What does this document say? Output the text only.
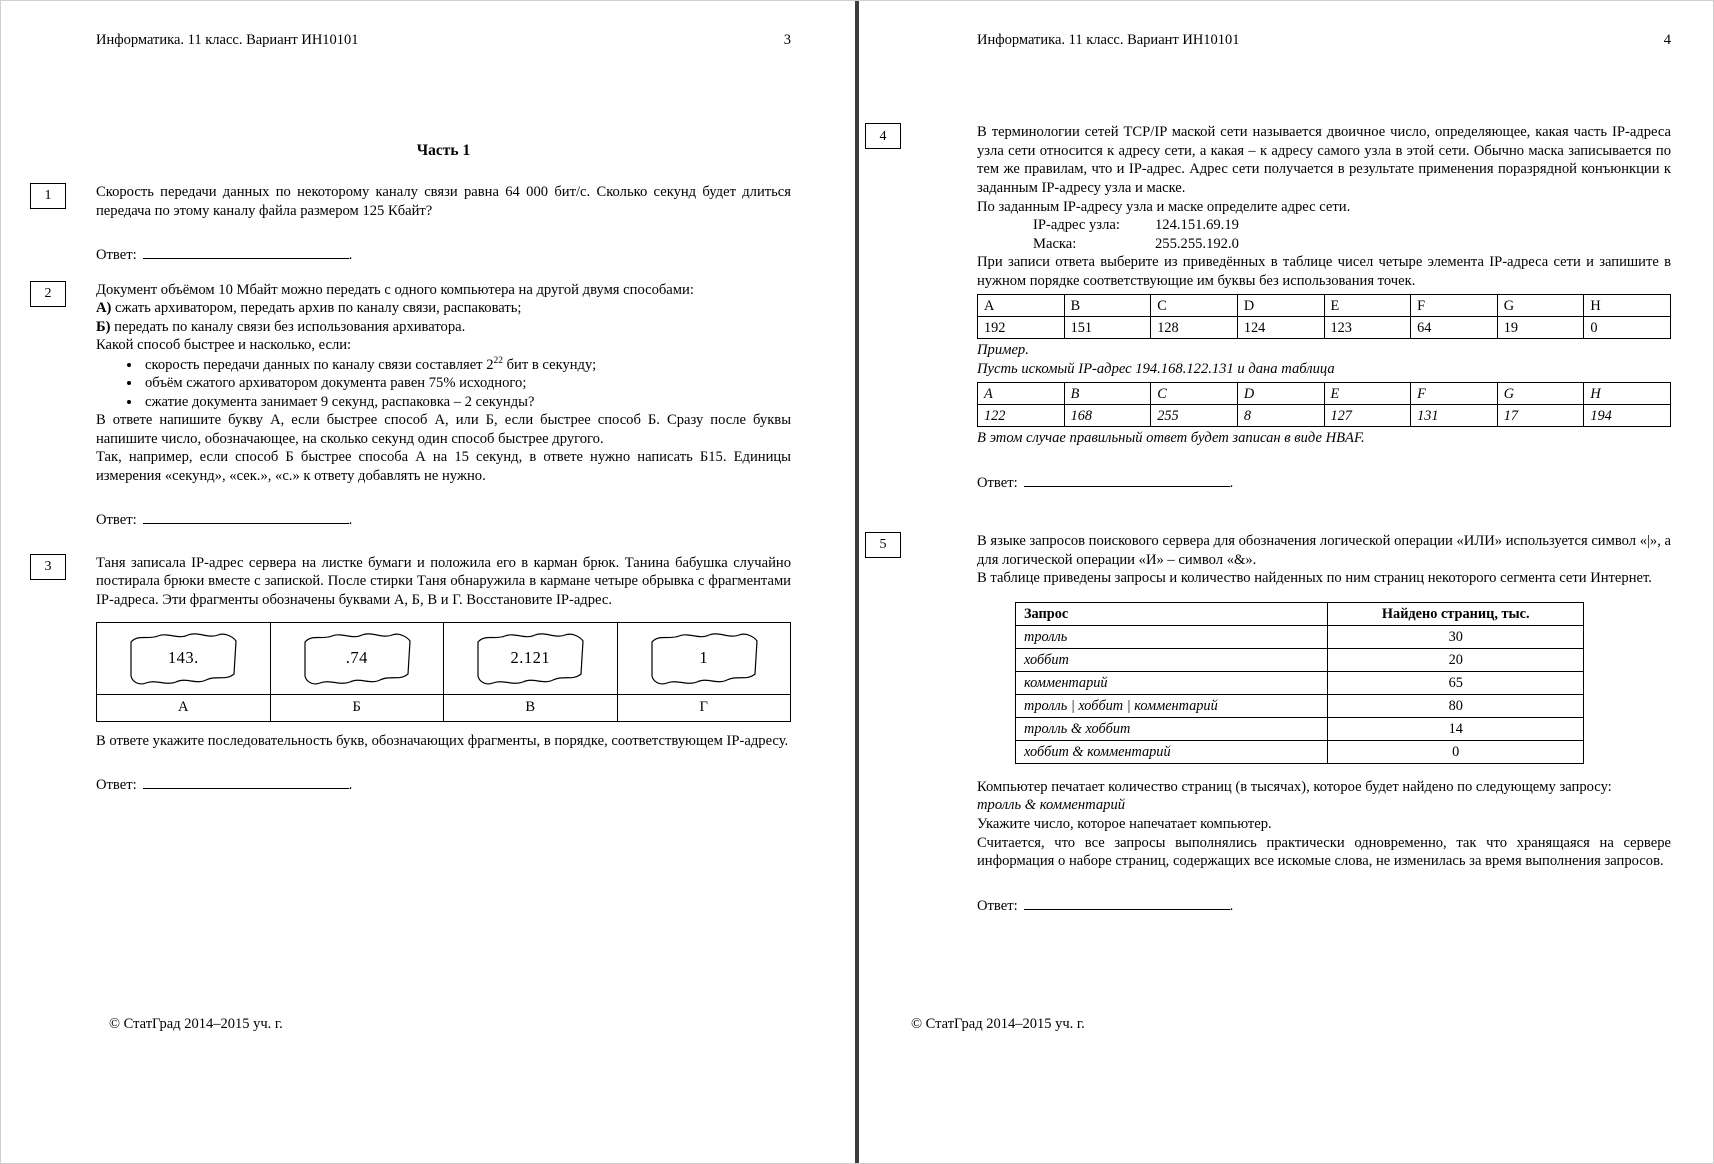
Информатика. 11 класс. Вариант ИН10101	3
Часть 1
1	Скорость передачи данных по некоторому каналу связи равна 64 000 бит/с. Сколько секунд будет длиться передача по этому каналу файла размером 125 Кбайт?

Ответ:	.
2	Документ объёмом 10 Мбайт можно передать с одного компьютера на другой двумя способами:

А) сжать архиватором, передать архив по каналу связи, распаковать;

Б) передать по каналу связи без использования архиватора.

Какой способ быстрее и насколько, если:

• скорость передачи данных по каналу связи составляет $2^{22}$ бит в секунду;
• объём сжатого архиватором документа равен 75% исходного;
• сжатие документа занимает 9 секунд, распаковка – 2 секунды?

В ответе напишите букву А, если быстрее способ А, или Б, если быстрее способ Б. Сразу после буквы напишите число, обозначающее, на сколько секунд один способ быстрее другого.

Так, например, если способ Б быстрее способа А на 15 секунд, в ответе нужно написать Б15. Единицы измерения «секунд», «сек.», «с.» к ответу добавлять не нужно.

Ответ:	.
3	Таня записала IP-адрес сервера на листке бумаги и положила его в карман брюк. Танина бабушка случайно постирала брюки вместе с запиской. После стирки Таня обнаружила в кармане четыре обрывка с фрагментами IP-адреса. Эти фрагменты обозначены буквами А, Б, В и Г. Восстановите IP-адрес.

143.	.74	2.121	1

А	Б	В	Г

В ответе укажите последовательность букв, обозначающих фрагменты, в порядке, соответствующем IP-адресу.

Ответ:	.
© СтатГрад 2014–2015 уч. г.
Информатика. 11 класс. Вариант ИН10101	4
4	В терминологии сетей TCP/IP маской сети называется двоичное число, определяющее, какая часть IP-адреса узла сети относится к адресу сети, а какая – к адресу самого узла в этой сети. Обычно маска записывается по тем же правилам, что и IP-адрес. Адрес сети получается в результате применения поразрядной конъюнкции к заданным IP-адресу узла и маске.

По заданным IP-адресу узла и маске определите адрес сети.

IP-адрес узла: 124.151.69.19
Маска:	255.255.192.0

При записи ответа выберите из приведённых в таблице чисел четыре элемента IP-адреса сети и запишите в нужном порядке соответствующие им буквы без использования точек.

A	B	C	D	E	F	G	H
192	151	128	124	123	64	19	0

Пример.

Пусть искомый IP-адрес 194.168.122.131 и дана таблица

A	B	C	D	E	F	G	H
122	168	255	8	127	131	17	194

В этом случае правильный ответ будет записан в виде HBAF.

Ответ:	.
5	В языке запросов поискового сервера для обозначения логической операции «ИЛИ» используется символ «|», а для логической операции «И» – символ «&».

В таблице приведены запросы и количество найденных по ним страниц некоторого сегмента сети Интернет.

Запрос	Найдено страниц, тыс.
тролль	30
хоббит	20
комментарий	65
тролль | хоббит | комментарий	80
тролль & хоббит	14
хоббит & комментарий	0

Компьютер печатает количество страниц (в тысячах), которое будет найдено по следующему запросу:

тролль & комментарий

Укажите число, которое напечатает компьютер.

Считается, что все запросы выполнялись практически одновременно, так что хранящаяся на сервере информация о наборе страниц, содержащих все искомые слова, не изменилась за время выполнения запросов.

Ответ:	.
© СтатГрад 2014–2015 уч. г.
